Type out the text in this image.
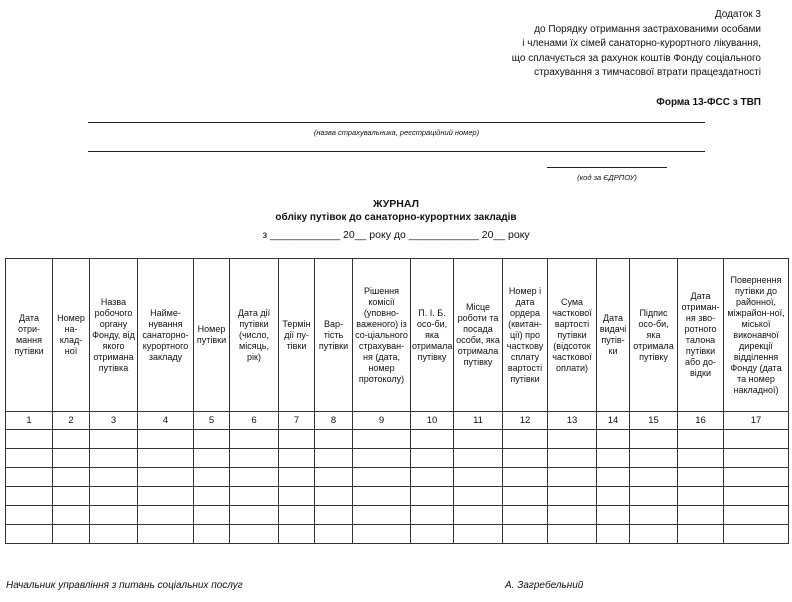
Додаток 3
до Порядку отримання застрахованими особами
і членами їх сімей санаторно-курортного лікування,
що сплачується за рахунок коштів Фонду соціального
страхування з тимчасової втрати працездатності
Форма 13-ФСС з ТВП
(назва страхувальника, реєстраційний номер)
(код за ЄДРПОУ)
ЖУРНАЛ
обліку путівок до санаторно-курортних закладів
з ____________ 20__ року до ____________ 20__ року
Дата отри-мання путівки	Номер на-клад-ної	Назва робочого органу Фонду, від якого отримана путівка	Наймe-нування санаторно-курортного закладу	Номер путівки	Дата дії путівки (число, місяць, рік)	Термін дії пу-тівки	Вар-тість путівки	Рішення комісії (уповно-важеного) із со-ціального страхуван-ня (дата, номер протоколу)	П. І. Б. осо-би, яка отримала путівку	Місце роботи та посада особи, яка отримала путівку	Номер і дата ордера (квитан-ції) про часткову сплату вартості путівки	Сума часткової вартості путівки (відсоток часткової оплати)	Дата видачі путів-ки	Підпис осо-би, яка отримала путівку	Дата отриман-ня зво-ротного талона путівки або до-відки	Повернення путівки до районної, міжрайон-ної, міської виконавчої дирекції відділення Фонду (дата та номер накладної)
1	2	3	4	5	6	7	8	9	10	11	12	13	14	15	16	17

Начальник управління з питань соціальних послуг	А. Загребельний
